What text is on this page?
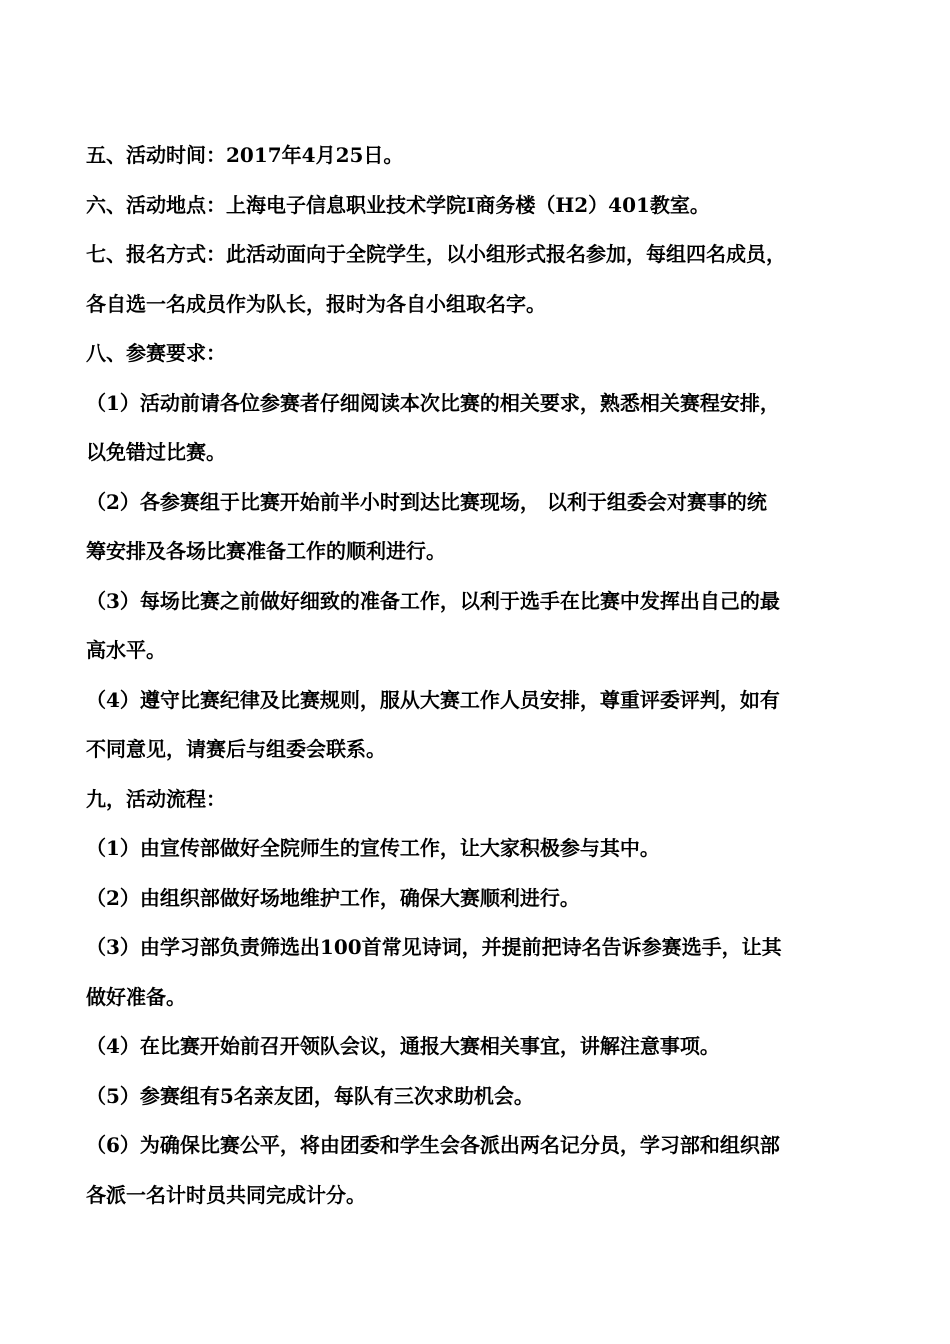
五、活动时间：2017年4月25日。

六、活动地点：上海电子信息职业技术学院Ⅰ商务楼（H2）401教室。

七、报名方式：此活动面向于全院学生，以小组形式报名参加，每组四名成员，
各自选一名成员作为队长，报时为各自小组取名字。

八、参赛要求：

（1）活动前请各位参赛者仔细阅读本次比赛的相关要求，熟悉相关赛程安排，
以免错过比赛。

（2）各参赛组于比赛开始前半小时到达比赛现场， 以利于组委会对赛事的统
筹安排及各场比赛准备工作的顺利进行。

（3）每场比赛之前做好细致的准备工作，以利于选手在比赛中发挥出自己的最
高水平。

（4）遵守比赛纪律及比赛规则，服从大赛工作人员安排，尊重评委评判，如有
不同意见，请赛后与组委会联系。

九，活动流程：

（1）由宣传部做好全院师生的宣传工作，让大家积极参与其中。

（2）由组织部做好场地维护工作，确保大赛顺利进行。

（3）由学习部负责筛选出100首常见诗词，并提前把诗名告诉参赛选手，让其
做好准备。

（4）在比赛开始前召开领队会议，通报大赛相关事宜，讲解注意事项。

（5）参赛组有5名亲友团，每队有三次求助机会。

（6）为确保比赛公平，将由团委和学生会各派出两名记分员，学习部和组织部
各派一名计时员共同完成计分。
